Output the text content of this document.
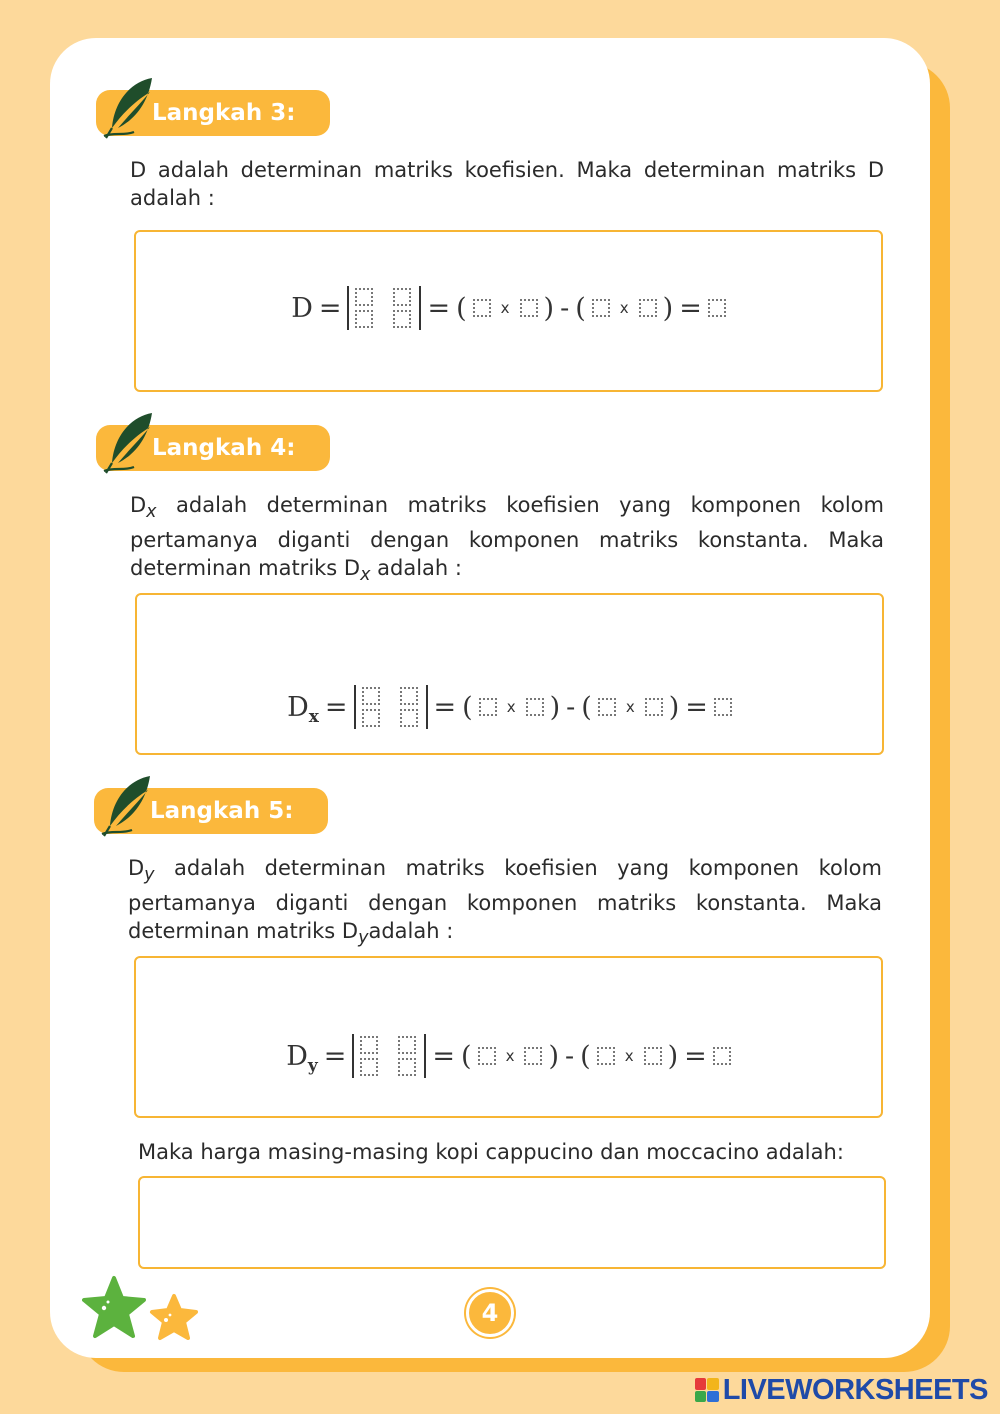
Langkah 3:

D adalah determinan matriks koefisien. Maka determinan matriks D adalah :

D =	= ( x ) - ( x ) =
Langkah 4:

$D_x$ adalah determinan matriks koefisien yang komponen kolom pertamanya diganti dengan komponen matriks konstanta. Maka determinan matriks $D_x$ adalah :

$D_x$ =	= ( x ) - ( x ) =
Langkah 5:

$D_y$ adalah determinan matriks koefisien yang komponen kolom pertamanya diganti dengan komponen matriks konstanta. Maka determinan matriks $D_yadalah$ :

$D_y$ =	= ( x ) - ( x ) =

Maka harga masing-masing kopi cappucino dan moccacino adalah:

4
LIVEWORKSHEETS
